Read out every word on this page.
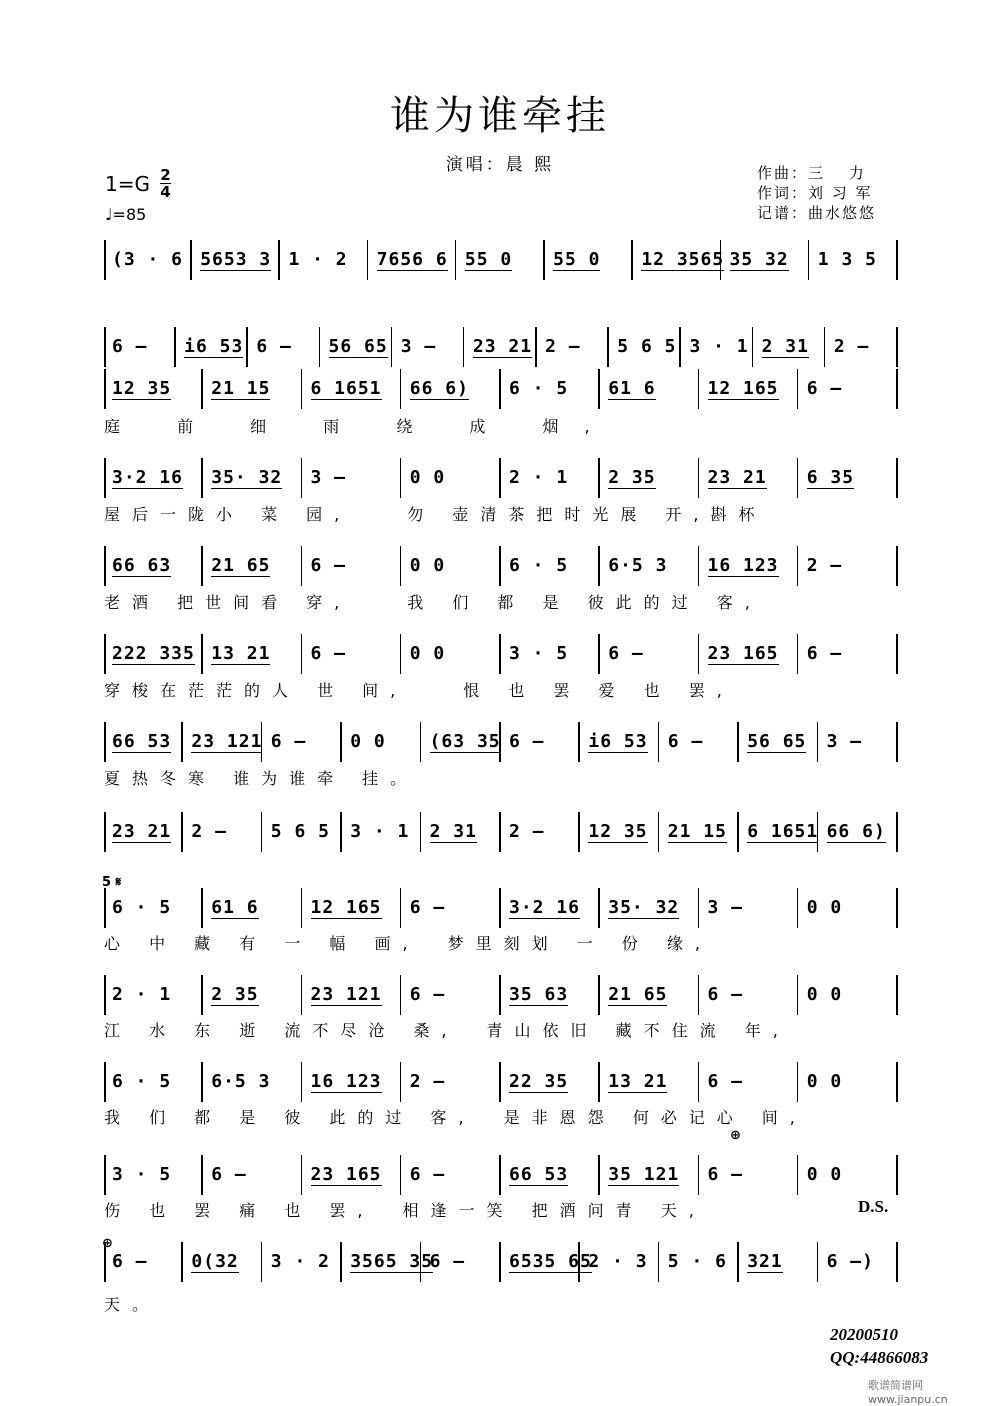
谁为谁牵挂
演唱：晨 熙
$1=G \frac{2}{4}$
♩=85
作曲：三　 力
作词：刘 习 军
记谱：曲水悠悠
(3 · 6 5653 3 1 · 2 7656 6 55 0 55 0 12 3565 35 32 1 3 5
6 – i6 53 6 – 56 65 3 – 23 21 2 – 5 6 5 3 · 1 2 31 2 –
12 35 21 15 6 1651 66 6) 6 · 5 61 6	12 165 6 –
3·2 16 35· 32 3 –	0 0	2 · 1 2 35	23 21 6 35
66 63 21 65 6 –	0 0	6 · 5 6·5 3 16 123 2 –
222 335 13 21 6 –	0 0	3 · 5 6 –	23 165 6 –
66 53 23 121 6 – 0 0 (63 35 6 – i6 53 6 – 56 65 3 –
23 21 2 – 5 6 5 3 · 1 2 31 2 – 12 35 21 15 6 1651 66 6)
6 · 5 61 6	12 165 6 –	3·2 16 35· 32 3 –	0 0
2 · 1 2 35	23 121 6 –	35 63 21 65 6 –	0 0
6 · 5 6·5 3 16 123 2 –	22 35 13 21 6 –	0 0
3 · 5 6 –	23 165 6 –	66 53 35 121 6 –	0 0
6 – 0(32 3 · 2 3565 35
6 – 6535 65
2 · 3 5 · 6 321 6 –)
庭 前 细 雨 绕 成 烟,
屋后一陇小 菜 园,　　勿 壶清茶把时光展 开,斟杯
老酒 把世间看 穿,　　我 们 都 是 彼此的过 客,
穿梭在茫茫的人 世 间,　　恨 也 罢 爱 也 罢,
夏热冬寒 谁为谁牵 挂。
心 中 藏 有 一 幅 画,　梦里刻划 一 份 缘,
江 水 东 逝 流不尽沧 桑,　青山依旧 藏不住流 年,
我 们 都 是 彼 此的过 客,　是非恩怨 何必记心 间,
伤 也 罢 痛 也 罢,　相逢一笑 把酒问青 天,
天。
5 𝄋
⊕
⊕
D.S.
20200510
QQ:44866083
歌谱简谱网 www.jianpu.cn
